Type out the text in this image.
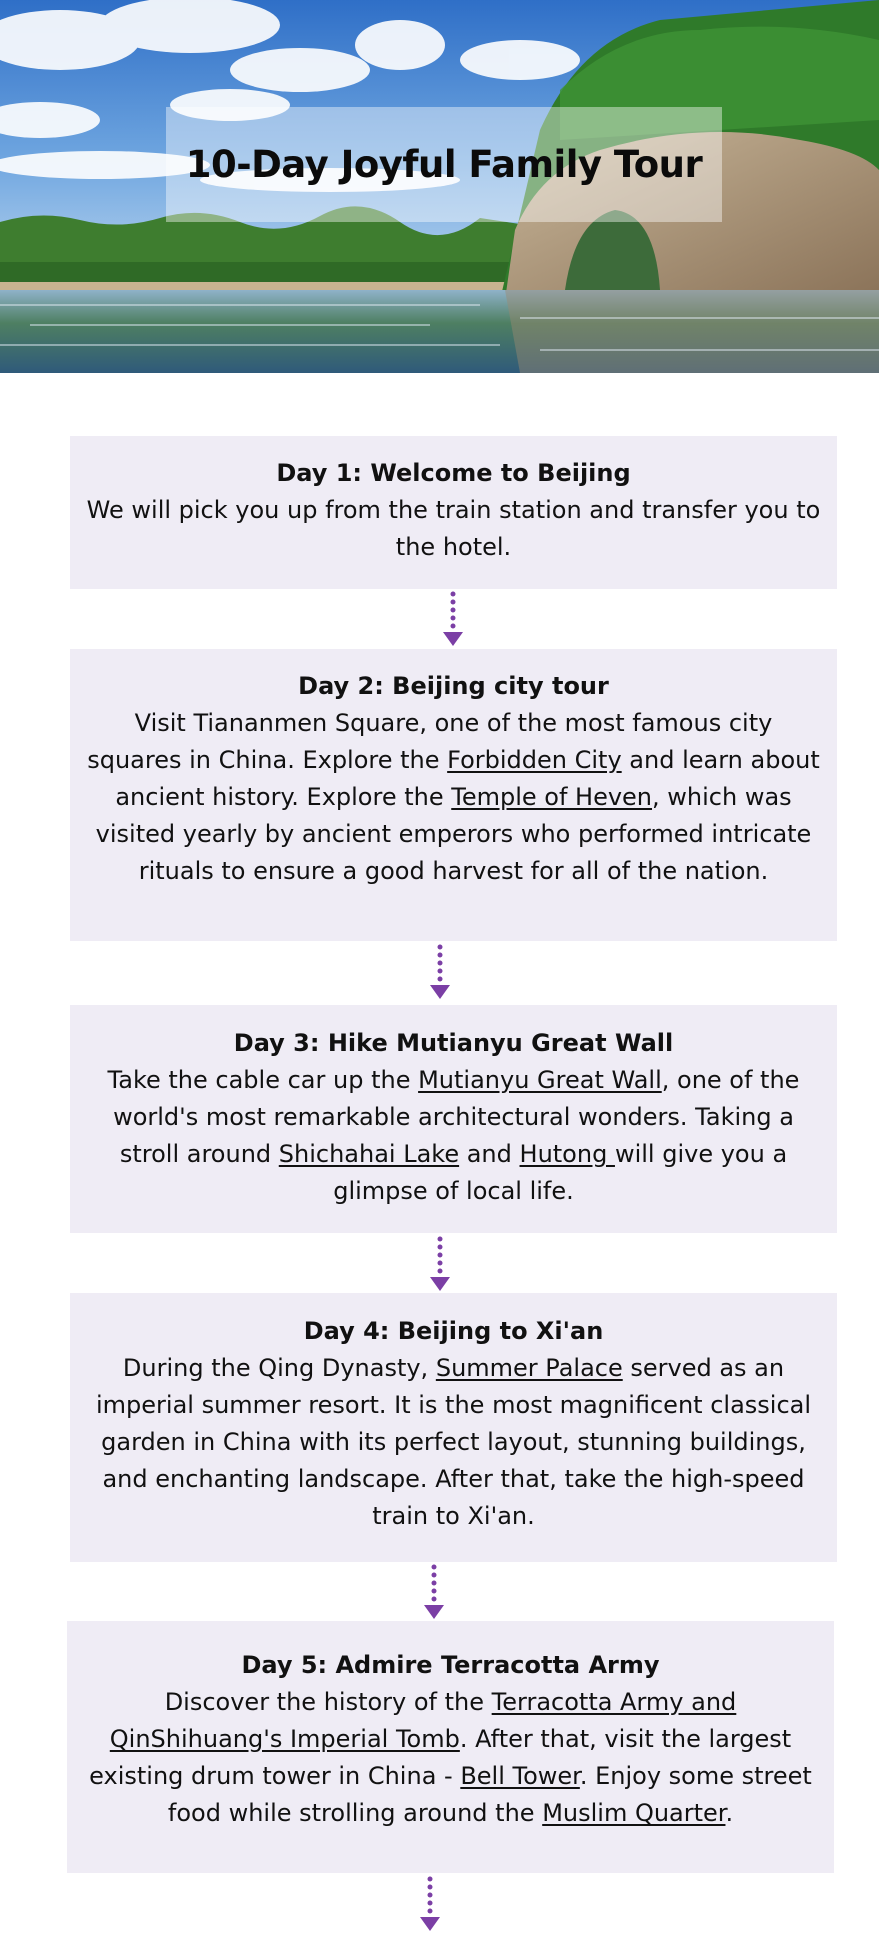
10-Day Joyful Family Tour
Day 1: Welcome to Beijing
We will pick you up from the train station and transfer you to the hotel.
Day 2: Beijing city tour
Visit Tiananmen Square, one of the most famous city squares in China. Explore the Forbidden City and learn about ancient history. Explore the Temple of Heven, which was visited yearly by ancient emperors who performed intricate rituals to ensure a good harvest for all of the nation.
Day 3: Hike Mutianyu Great Wall
Take the cable car up the Mutianyu Great Wall, one of the world's most remarkable architectural wonders. Taking a stroll around Shichahai Lake and Hutong will give you a glimpse of local life.
Day 4: Beijing to Xi'an
During the Qing Dynasty, Summer Palace served as an imperial summer resort. It is the most magnificent classical garden in China with its perfect layout, stunning buildings, and enchanting landscape. After that, take the high-speed train to Xi'an.
Day 5: Admire Terracotta Army
Discover the history of the Terracotta Army and QinShihuang's Imperial Tomb. After that, visit the largest existing drum tower in China - Bell Tower. Enjoy some street food while strolling around the Muslim Quarter.
